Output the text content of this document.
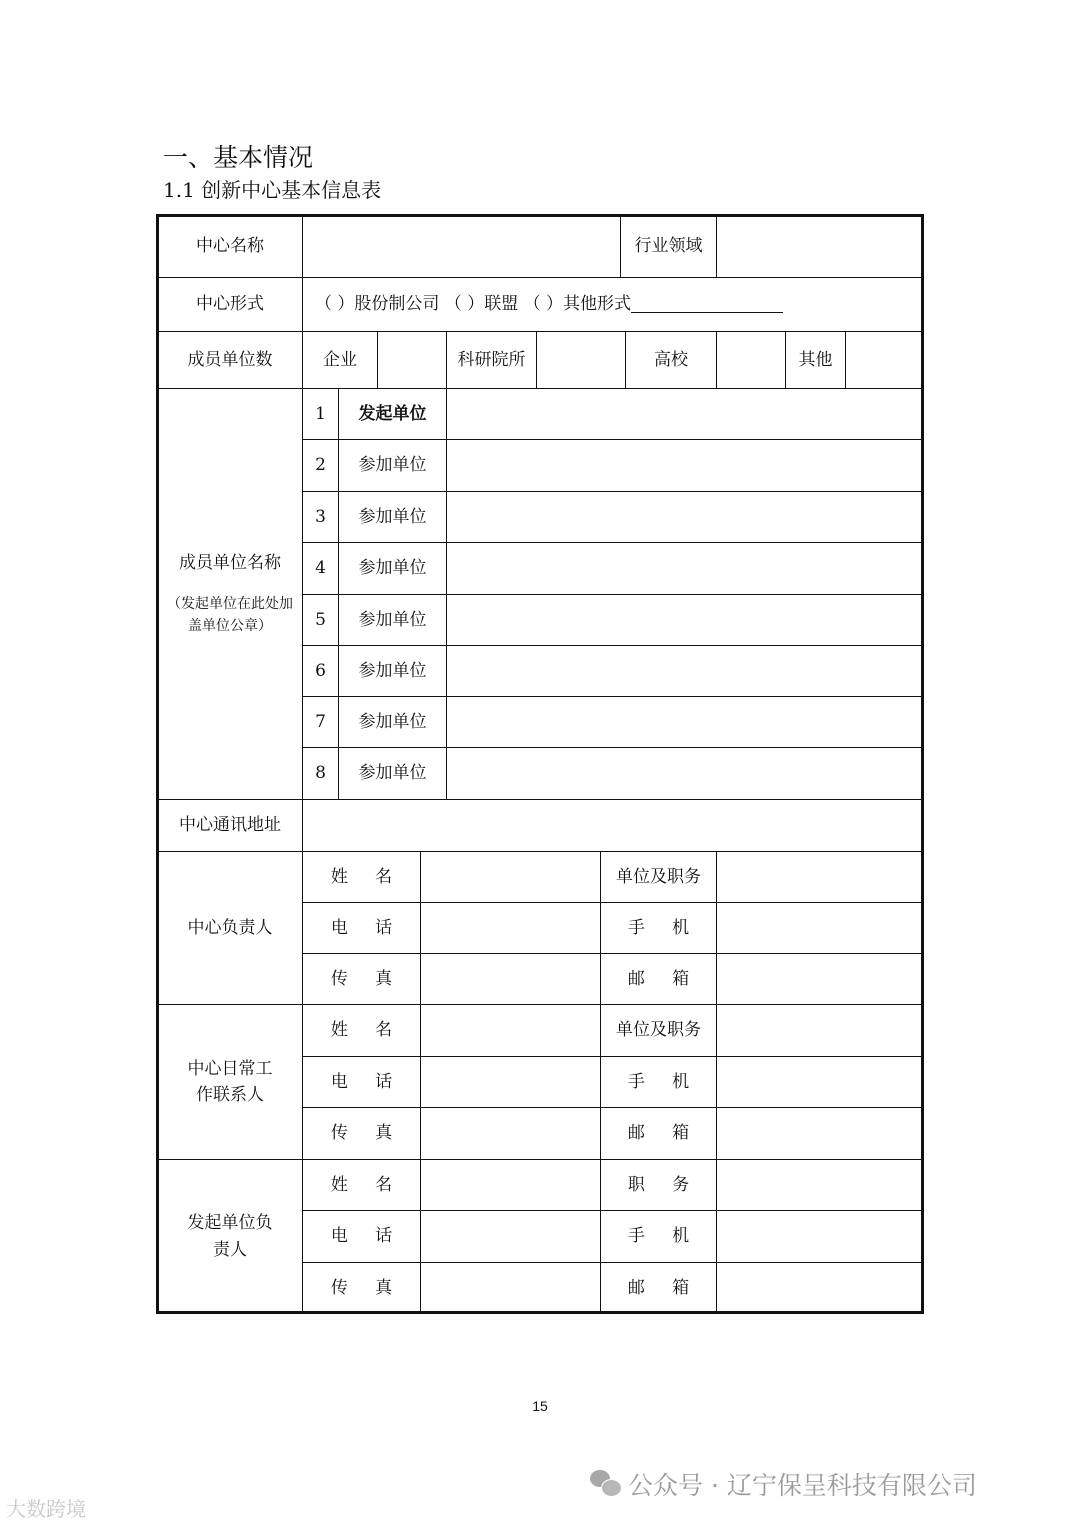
一、基本情况
1.1 创新中心基本信息表
中心名称	行业领域
中心形式	（ ）股份制公司 （ ）联盟 （ ）其他形式
成员单位数	企业	科研院所	高校	其他
成员单位名称
（发起单位在此处加盖单位公章）
1 发起单位
2 参加单位
3 参加单位
4 参加单位
5 参加单位
6 参加单位
7 参加单位
8 参加单位
中心通讯地址
中心负责人
姓名	单位及职务
电话	手机
传真	邮箱
中心日常工作联系人
姓名	单位及职务
电话	手机
传真	邮箱
发起单位负责人
姓名	职务
电话	手机
传真	邮箱
15
公众号 · 辽宁保呈科技有限公司
大数跨境
